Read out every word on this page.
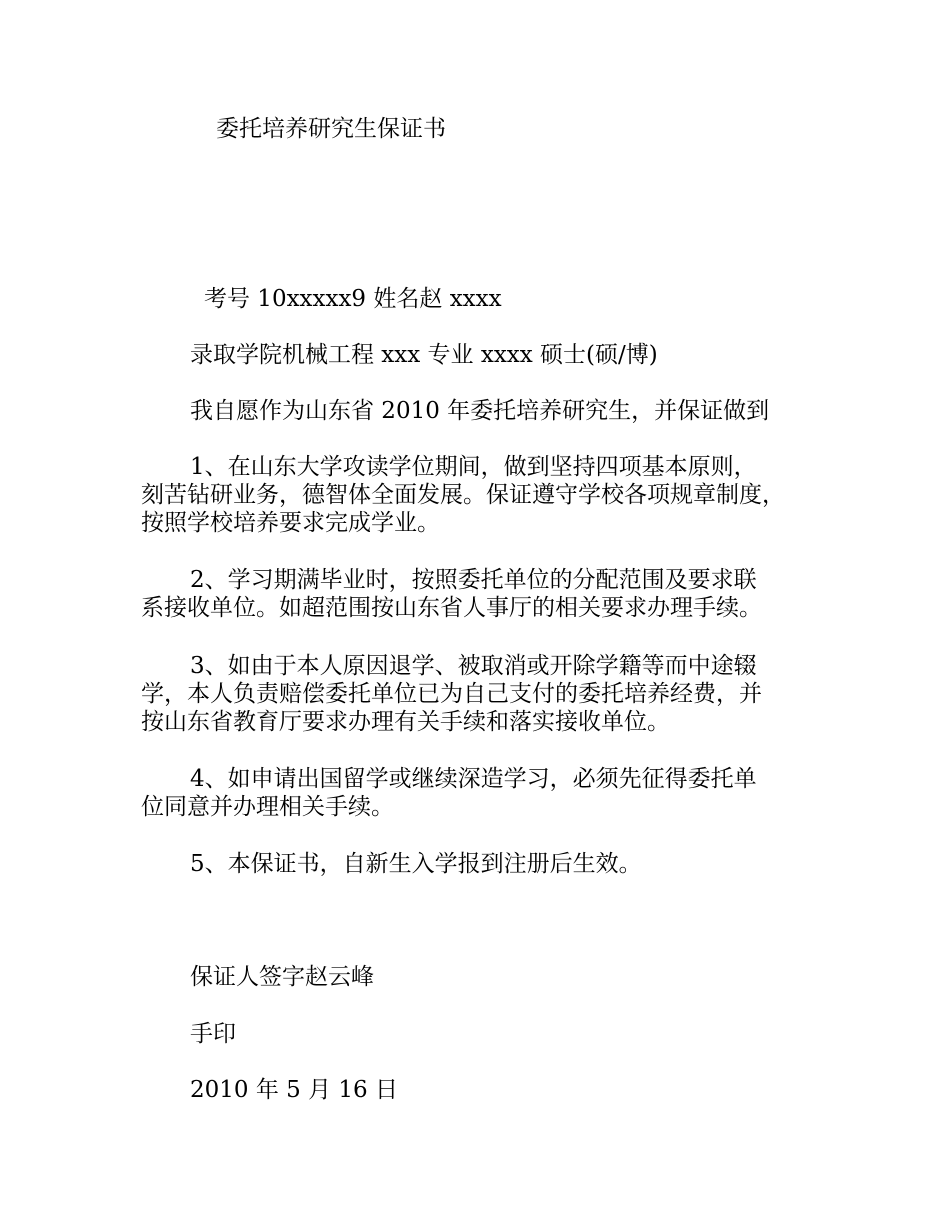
委托培养研究生保证书
考号 10xxxxx9 姓名赵 xxxx
录取学院机械工程 xxx 专业 xxxx 硕士(硕/博)
我自愿作为山东省 2010 年委托培养研究生，并保证做到
1、在山东大学攻读学位期间，做到坚持四项基本原则，
刻苦钻研业务，德智体全面发展。保证遵守学校各项规章制度，
按照学校培养要求完成学业。
2、学习期满毕业时，按照委托单位的分配范围及要求联
系接收单位。如超范围按山东省人事厅的相关要求办理手续。
3、如由于本人原因退学、被取消或开除学籍等而中途辍
学，本人负责赔偿委托单位已为自己支付的委托培养经费，并
按山东省教育厅要求办理有关手续和落实接收单位。
4、如申请出国留学或继续深造学习，必须先征得委托单
位同意并办理相关手续。
5、本保证书，自新生入学报到注册后生效。
保证人签字赵云峰
手印
2010 年 5 月 16 日
